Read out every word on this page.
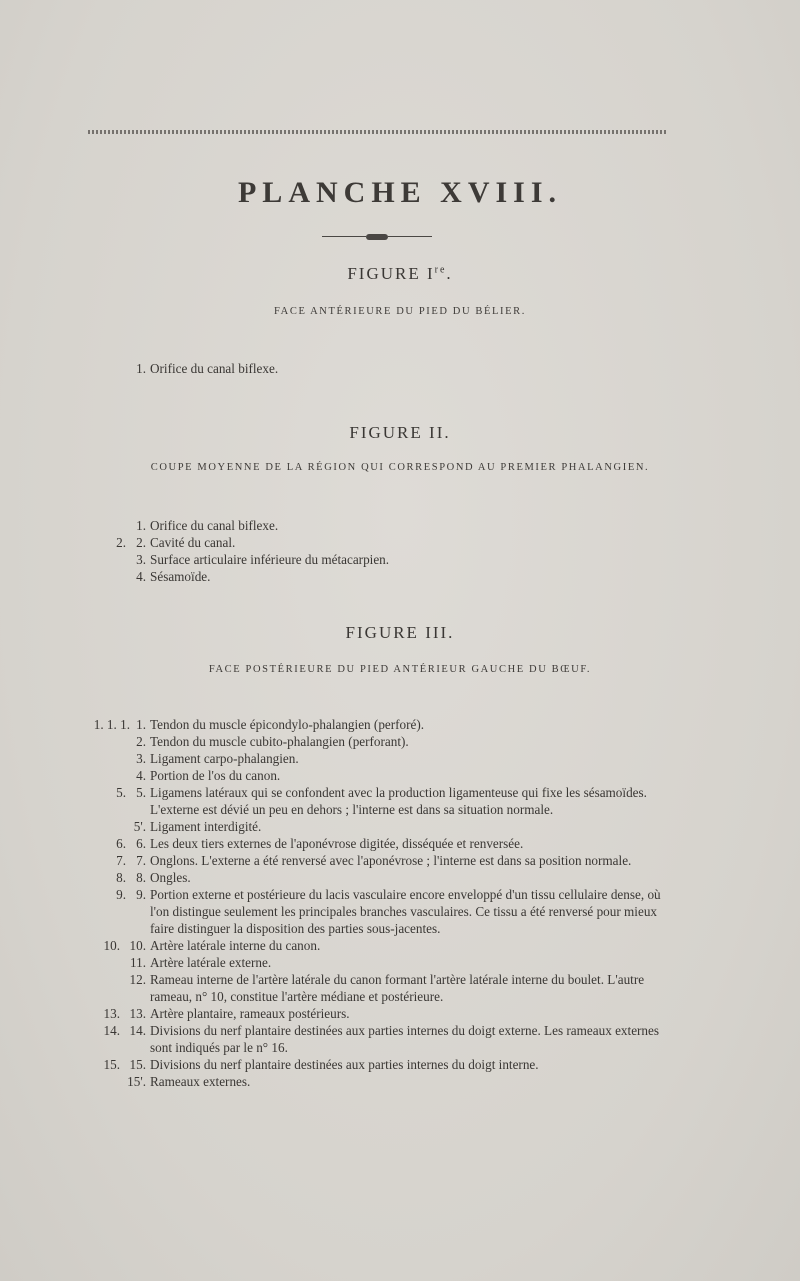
PLANCHE XVIII.
FIGURE Ire.
FACE ANTÉRIEURE DU PIED DU BÉLIER.
1. Orifice du canal biflexe.
FIGURE II.
COUPE MOYENNE DE LA RÉGION QUI CORRESPOND AU PREMIER PHALANGIEN.
1. Orifice du canal biflexe.
2. 2. Cavité du canal.
3. Surface articulaire inférieure du métacarpien.
4. Sésamoïde.
FIGURE III.
FACE POSTÉRIEURE DU PIED ANTÉRIEUR GAUCHE DU BŒUF.
1. 1. 1. 1. Tendon du muscle épicondylo-phalangien (perforé).
2. Tendon du muscle cubito-phalangien (perforant).
3. Ligament carpo-phalangien.
4. Portion de l'os du canon.
5. 5. Ligamens latéraux qui se confondent avec la production ligamenteuse qui fixe les sésamoïdes. L'externe est dévié un peu en dehors ; l'interne est dans sa situation normale.
5'. Ligament interdigité.
6. 6. Les deux tiers externes de l'aponévrose digitée, disséquée et renversée.
7. 7. Onglons. L'externe a été renversé avec l'aponévrose ; l'interne est dans sa position normale.
8. 8. Ongles.
9. 9. Portion externe et postérieure du lacis vasculaire encore enveloppé d'un tissu cellulaire dense, où l'on distingue seulement les principales branches vasculaires. Ce tissu a été renversé pour mieux faire distinguer la disposition des parties sous-jacentes.
10. 10. Artère latérale interne du canon.
11. Artère latérale externe.
12. Rameau interne de l'artère latérale du canon formant l'artère latérale interne du boulet. L'autre rameau, n° 10, constitue l'artère médiane et postérieure.
13. 13. Artère plantaire, rameaux postérieurs.
14. 14. Divisions du nerf plantaire destinées aux parties internes du doigt externe. Les rameaux externes sont indiqués par le n° 16.
15. 15. Divisions du nerf plantaire destinées aux parties internes du doigt interne.
15'. Rameaux externes.
